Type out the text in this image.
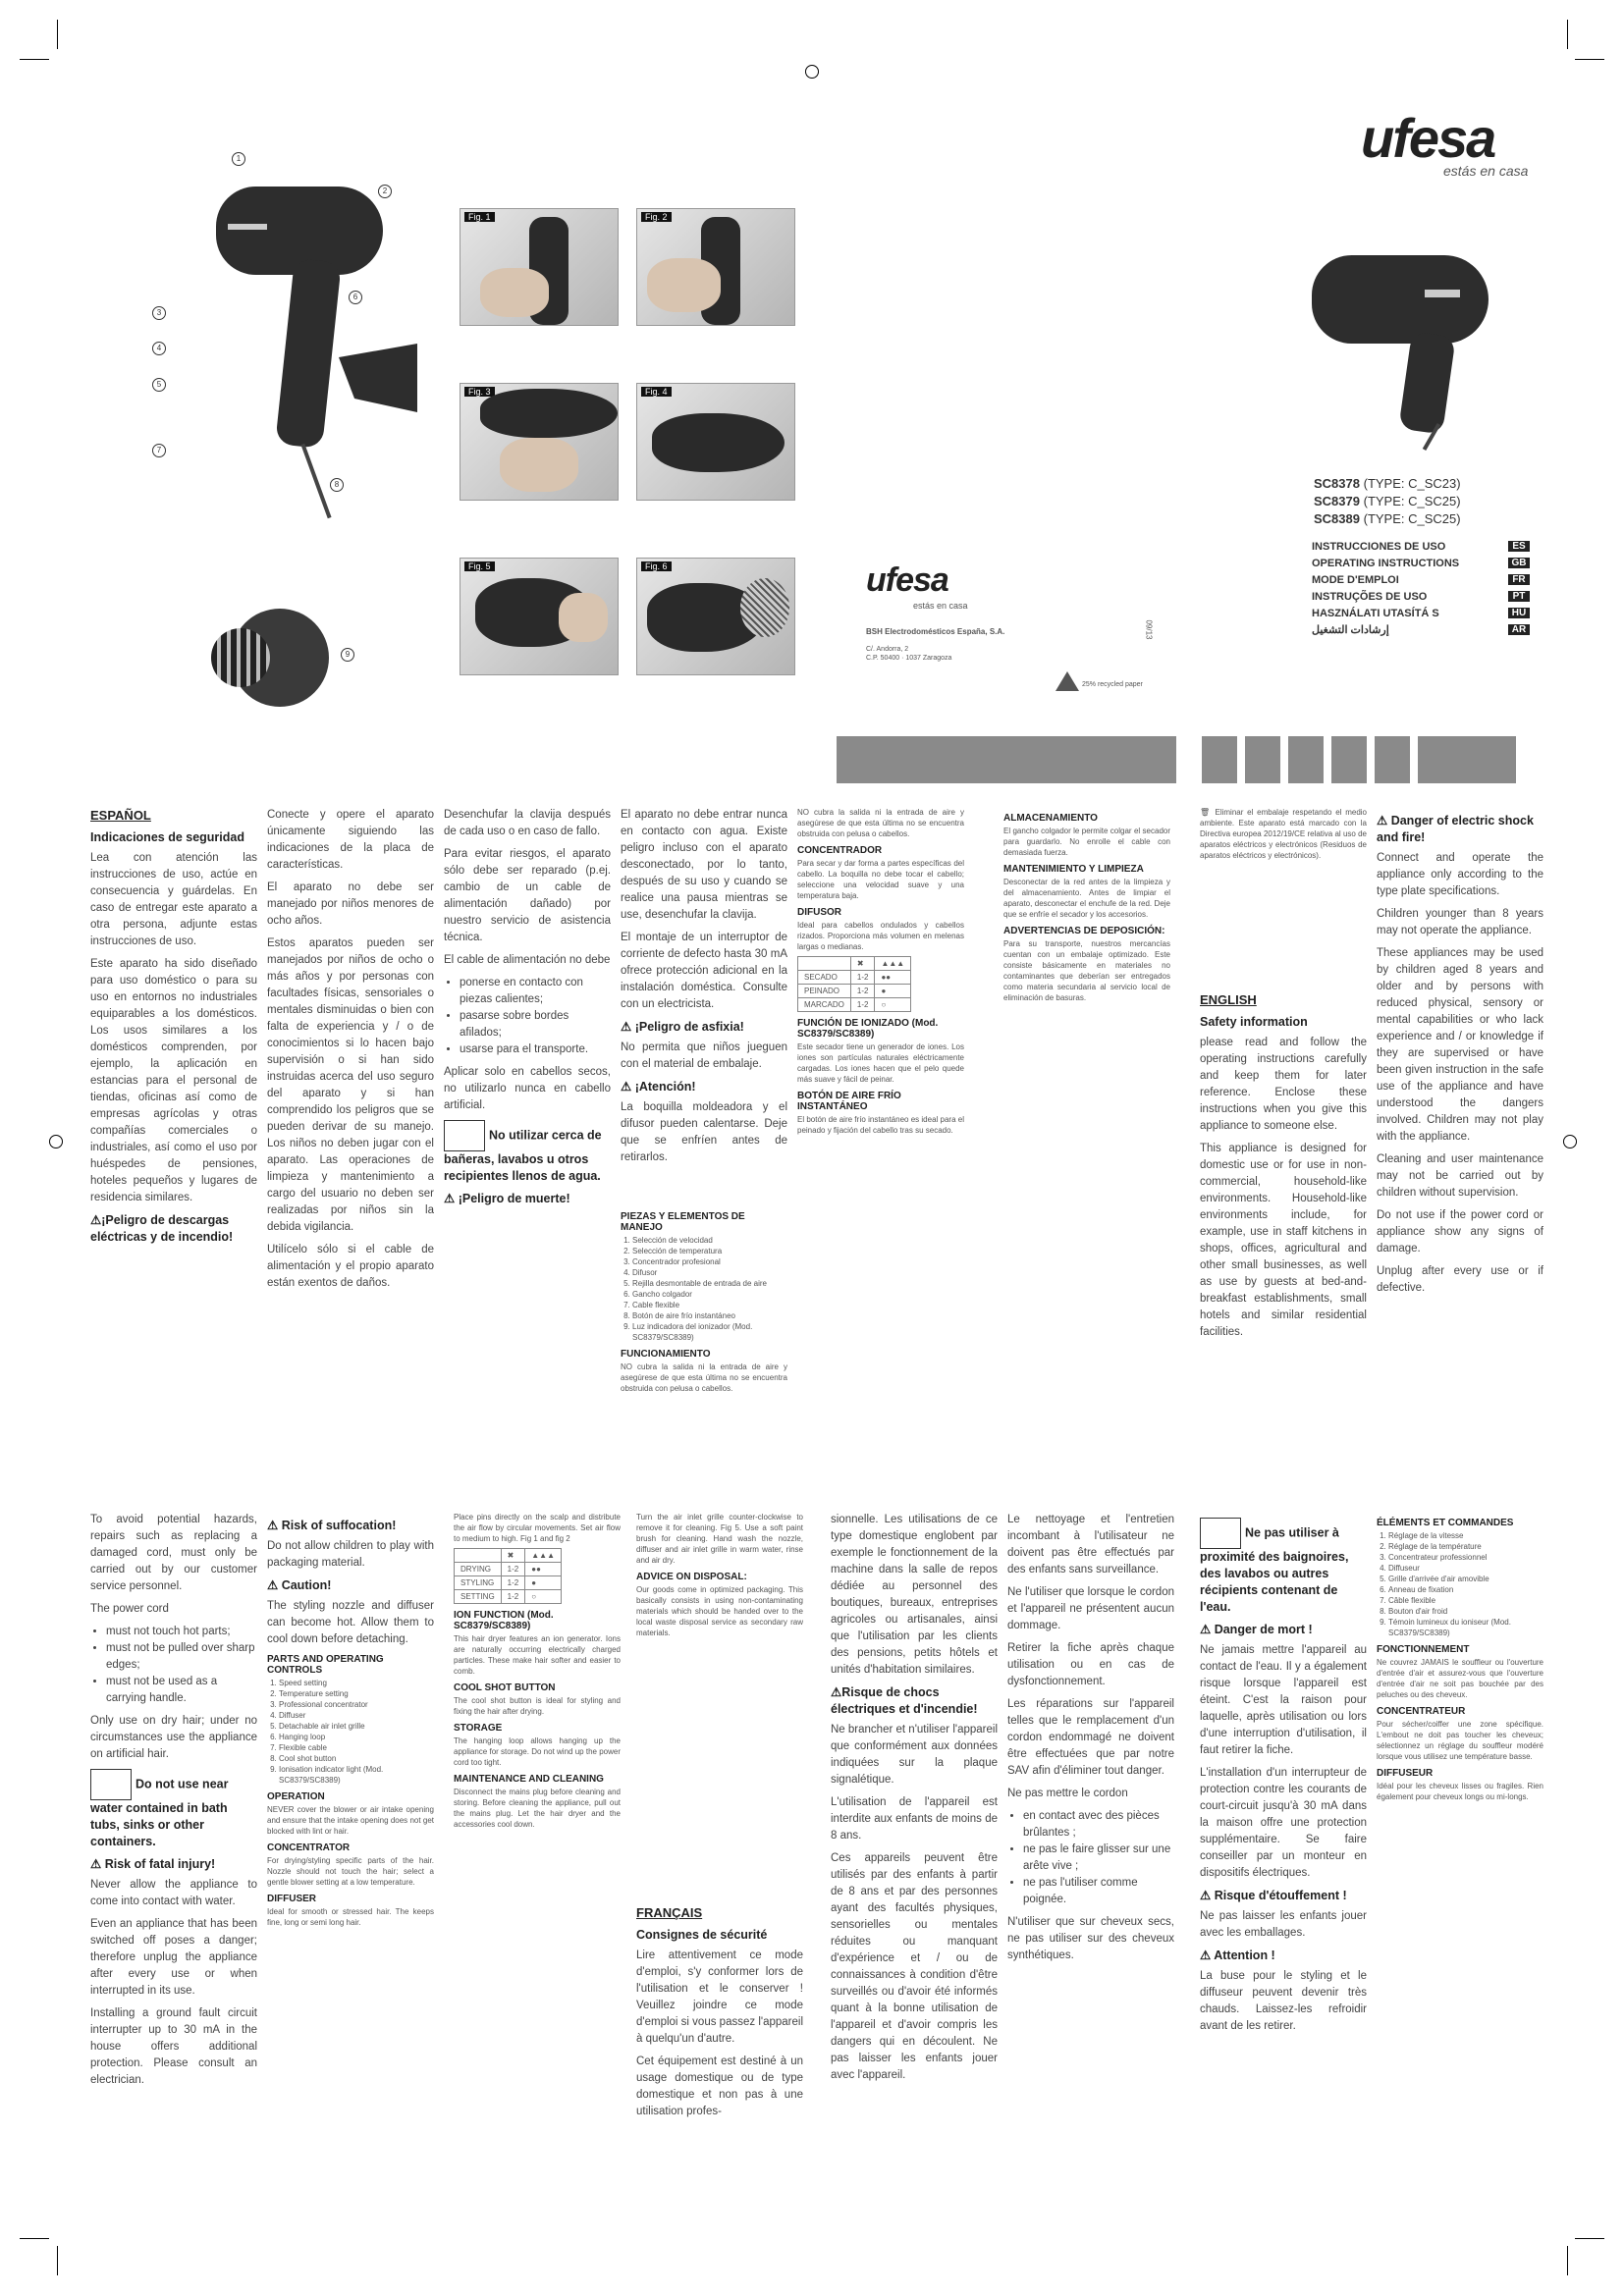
1
2
3
4
5
6
7
8
9
Fig. 1	Fig. 2
Fig. 3	Fig. 4
Fig. 5	Fig. 6	ufesa
estás en casa
BSH Electrodomésticos España, S.A.
C/. Andorra, 2
C.P. 50400 · 1037 Zaragoza
09/13
25% recycled paper
ufesa
estás en casa
SC8378 (TYPE: C_SC23)
SC8379 (TYPE: C_SC25)
SC8389 (TYPE: C_SC25)
INSTRUCCIONES DE USO	ES
OPERATING INSTRUCTIONS	GB
MODE D'EMPLOI	FR
INSTRUÇÕES DE USO	PT
HASZNÁLATI UTASÍTÁ S	HU
إرشادات التشغيل	AR
ESPAÑOL
Indicaciones de seguridad

Lea con atención las instrucciones de uso, actúe en consecuencia y guárdelas. En caso de entregar este aparato a otra persona, adjunte estas instrucciones de uso.

Este aparato ha sido diseñado para uso doméstico o para su uso en entornos no industriales equiparables a los domésticos. Los usos similares a los domésticos comprenden, por ejemplo, la aplicación en estancias para el personal de tiendas, oficinas así como de empresas agrícolas y otras compañías comerciales o industriales, así como el uso por huéspedes de pensiones, hoteles pequeños y lugares de residencia similares.

⚠¡Peligro de descargas eléctricas y de incendio!

Conecte y opere el aparato únicamente siguiendo las indicaciones de la placa de características.

El aparato no debe ser manejado por niños menores de ocho años.

Estos aparatos pueden ser manejados por niños de ocho o más años y por personas con facultades físicas, sensoriales o mentales disminuidas o bien con falta de experiencia y / o de conocimientos si lo hacen bajo supervisión o si han sido instruidas acerca del uso seguro del aparato y si han comprendido los peligros que se pueden derivar de su manejo. Los niños no deben jugar con el aparato. Las operaciones de limpieza y mantenimiento a cargo del usuario no deben ser realizadas por niños sin la debida vigilancia.

Utilícelo sólo si el cable de alimentación y el propio aparato están exentos de daños.

Desenchufar la clavija después de cada uso o en caso de fallo.

Para evitar riesgos, el aparato sólo debe ser reparado (p.ej. cambio de un cable de alimentación dañado) por nuestro servicio de asistencia técnica.

El cable de alimentación no debe

• ponerse en contacto con piezas calientes;
• pasarse sobre bordes afilados;
• usarse para el transporte.

Aplicar solo en cabellos secos, no utilizarlo nunca en cabello artificial.

No utilizar cerca de bañeras, lavabos u otros recipientes llenos de agua.
⚠ ¡Peligro de muerte!

El aparato no debe entrar nunca en contacto con agua. Existe peligro incluso con el aparato desconectado, por lo tanto, después de su uso y cuando se realice una pausa mientras se use, desenchufar la clavija.

El montaje de un interruptor de corriente de defecto hasta 30 mA ofrece protección adicional en la instalación doméstica. Consulte con un electricista.

⚠ ¡Peligro de asfixia!

No permita que niños jueguen con el material de embalaje.

⚠ ¡Atención!

La boquilla moldeadora y el difusor pueden calentarse. Deje que se enfríen antes de retirarlos.

PIEZAS Y ELEMENTOS DE MANEJO
1. Selección de velocidad
2. Selección de temperatura
3. Concentrador profesional
4. Difusor
5. Rejilla desmontable de entrada de aire
6. Gancho colgador
7. Cable flexible
8. Botón de aire frío instantáneo
9. Luz indicadora del ionizador (Mod. SC8379/SC8389)
FUNCIONAMIENTO

NO cubra la salida ni la entrada de aire y asegúrese de que esta última no se encuentra obstruida con pelusa o cabellos.

NO cubra la salida ni la entrada de aire y asegúrese de que esta última no se encuentra obstruida con pelusa o cabellos.

CONCENTRADOR

Para secar y dar forma a partes específicas del cabello. La boquilla no debe tocar el cabello; seleccione una velocidad suave y una temperatura baja.

DIFUSOR

Ideal para cabellos ondulados y cabellos rizados. Proporciona más volumen en melenas largas o medianas.

	✖	▲▲▲
SECADO	1-2	●●
PEINADO	1-2	●
MARCADO	1-2	○
FUNCIÓN DE IONIZADO (Mod. SC8379/SC8389)

Este secador tiene un generador de iones. Los iones son partículas naturales eléctricamente cargadas. Los iones hacen que el pelo quede más suave y fácil de peinar.

BOTÓN DE AIRE FRÍO INSTANTÁNEO

El botón de aire frío instantáneo es ideal para el peinado y fijación del cabello tras su secado.

ALMACENAMIENTO

El gancho colgador le permite colgar el secador para guardarlo. No enrolle el cable con demasiada fuerza.

MANTENIMIENTO Y LIMPIEZA

Desconectar de la red antes de la limpieza y del almacenamiento. Antes de limpiar el aparato, desconectar el enchufe de la red. Deje que se enfríe el secador y los accesorios.

ADVERTENCIAS DE DEPOSICIÓN:

Para su transporte, nuestros mercancías cuentan con un embalaje optimizado. Este consiste básicamente en materiales no contaminantes que deberían ser entregados como materia secundaria al servicio local de eliminación de basuras.

🗑 Eliminar el embalaje respetando el medio ambiente. Este aparato está marcado con la Directiva europea 2012/19/CE relativa al uso de aparatos eléctricos y electrónicos (Residuos de aparatos eléctricos y electrónicos).

ENGLISH
Safety information

please read and follow the operating instructions carefully and keep them for later reference. Enclose these instructions when you give this appliance to someone else.

This appliance is designed for domestic use or for use in non-commercial, household-like environments. Household-like environments include, for example, use in staff kitchens in shops, offices, agricultural and other small businesses, as well as use by guests at bed-and-breakfast establishments, small hotels and similar residential facilities.

⚠ Danger of electric shock and fire!

Connect and operate the appliance only according to the type plate specifications.

Children younger than 8 years may not operate the appliance.

These appliances may be used by children aged 8 years and older and by persons with reduced physical, sensory or mental capabilities or who lack experience and / or knowledge if they are supervised or have been given instruction in the safe use of the appliance and have understood the dangers involved. Children may not play with the appliance.

Cleaning and user maintenance may not be carried out by children without supervision.

Do not use if the power cord or appliance show any signs of damage.

Unplug after every use or if defective.

To avoid potential hazards, repairs such as replacing a damaged cord, must only be carried out by our customer service personnel.

The power cord

• must not touch hot parts;
• must not be pulled over sharp edges;
• must not be used as a carrying handle.

Only use on dry hair; under no circumstances use the appliance on artificial hair.

Do not use near water contained in bath tubs, sinks or other containers.
⚠ Risk of fatal injury!

Never allow the appliance to come into contact with water.

Even an appliance that has been switched off poses a danger; therefore unplug the appliance after every use or when interrupted in its use.

Installing a ground fault circuit interrupter up to 30 mA in the house offers additional protection. Please consult an electrician.

⚠ Risk of suffocation!

Do not allow children to play with packaging material.

⚠ Caution!

The styling nozzle and diffuser can become hot. Allow them to cool down before detaching.

PARTS AND OPERATING CONTROLS
1. Speed setting
2. Temperature setting
3. Professional concentrator
4. Diffuser
5. Detachable air inlet grille
6. Hanging loop
7. Flexible cable
8. Cool shot button
9. Ionisation indicator light (Mod. SC8379/SC8389)
OPERATION

NEVER cover the blower or air intake opening and ensure that the intake opening does not get blocked with lint or hair.

CONCENTRATOR

For drying/styling specific parts of the hair. Nozzle should not touch the hair; select a gentle blower setting at a low temperature.

DIFFUSER

Ideal for smooth or stressed hair. The keeps fine, long or semi long hair.

Place pins directly on the scalp and distribute the air flow by circular movements. Set air flow to medium to high. Fig 1 and fig 2

	✖	▲▲▲
DRYING	1-2	●●
STYLING	1-2	●
SETTING	1-2	○
ION FUNCTION (Mod. SC8379/SC8389)

This hair dryer features an ion generator. Ions are naturally occurring electrically charged particles. These make hair softer and easier to comb.

COOL SHOT BUTTON

The cool shot button is ideal for styling and fixing the hair after drying.

STORAGE

The hanging loop allows hanging up the appliance for storage. Do not wind up the power cord too tight.

MAINTENANCE AND CLEANING

Disconnect the mains plug before cleaning and storing. Before cleaning the appliance, pull out the mains plug. Let the hair dryer and the accessories cool down.

Turn the air inlet grille counter-clockwise to remove it for cleaning. Fig 5. Use a soft paint brush for cleaning. Hand wash the nozzle, diffuser and air inlet grille in warm water, rinse and air dry.

ADVICE ON DISPOSAL:

Our goods come in optimized packaging. This basically consists in using non-contaminating materials which should be handed over to the local waste disposal service as secondary raw materials.

FRANÇAIS
Consignes de sécurité

Lire attentivement ce mode d'emploi, s'y conformer lors de l'utilisation et le conserver ! Veuillez joindre ce mode d'emploi si vous passez l'appareil à quelqu'un d'autre.

Cet équipement est destiné à un usage domestique ou de type domestique et non pas à une utilisation profes-

sionnelle. Les utilisations de ce type domestique englobent par exemple le fonctionnement de la machine dans la salle de repos dédiée au personnel des boutiques, bureaux, entreprises agricoles ou artisanales, ainsi que l'utilisation par les clients des pensions, petits hôtels et unités d'habitation similaires.

⚠Risque de chocs électriques et d'incendie!

Ne brancher et n'utiliser l'appareil que conformément aux données indiquées sur la plaque signalétique.

L'utilisation de l'appareil est interdite aux enfants de moins de 8 ans.

Ces appareils peuvent être utilisés par des enfants à partir de 8 ans et par des personnes ayant des facultés physiques, sensorielles ou mentales réduites ou manquant d'expérience et / ou de connaissances à condition d'être surveillés ou d'avoir été informés quant à la bonne utilisation de l'appareil et d'avoir compris les dangers qui en découlent. Ne pas laisser les enfants jouer avec l'appareil.

Le nettoyage et l'entretien incombant à l'utilisateur ne doivent pas être effectués par des enfants sans surveillance.

Ne l'utiliser que lorsque le cordon et l'appareil ne présentent aucun dommage.

Retirer la fiche après chaque utilisation ou en cas de dysfonctionnement.

Les réparations sur l'appareil telles que le remplacement d'un cordon endommagé ne doivent être effectuées que par notre SAV afin d'éliminer tout danger.

Ne pas mettre le cordon

• en contact avec des pièces brûlantes ;
• ne pas le faire glisser sur une arête vive ;
• ne pas l'utiliser comme poignée.

N'utiliser que sur cheveux secs, ne pas utiliser sur des cheveux synthétiques.

Ne pas utiliser à proximité des baignoires, des lavabos ou autres récipients contenant de l'eau.
⚠ Danger de mort !

Ne jamais mettre l'appareil au contact de l'eau. Il y a également risque lorsque l'appareil est éteint. C'est la raison pour laquelle, après utilisation ou lors d'une interruption d'utilisation, il faut retirer la fiche.

L'installation d'un interrupteur de protection contre les courants de court-circuit jusqu'à 30 mA dans la maison offre une protection supplémentaire. Se faire conseiller par un monteur en dispositifs électriques.

⚠ Risque d'étouffement !

Ne pas laisser les enfants jouer avec les emballages.

⚠ Attention !

La buse pour le styling et le diffuseur peuvent devenir très chauds. Laissez-les refroidir avant de les retirer.

ÉLÉMENTS ET COMMANDES
1. Réglage de la vitesse
2. Réglage de la température
3. Concentrateur professionnel
4. Diffuseur
5. Grille d'arrivée d'air amovible
6. Anneau de fixation
7. Câble flexible
8. Bouton d'air froid
9. Témoin lumineux du ioniseur (Mod. SC8379/SC8389)
FONCTIONNEMENT

Ne couvrez JAMAIS le souffleur ou l'ouverture d'entrée d'air et assurez-vous que l'ouverture d'entrée d'air ne soit pas bouchée par des peluches ou des cheveux.

CONCENTRATEUR

Pour sécher/coiffer une zone spécifique. L'embout ne doit pas toucher les cheveux; sélectionnez un réglage du souffleur modéré lorsque vous utilisez une température basse.

DIFFUSEUR

Idéal pour les cheveux lisses ou fragiles. Rien également pour cheveux longs ou mi-longs.
